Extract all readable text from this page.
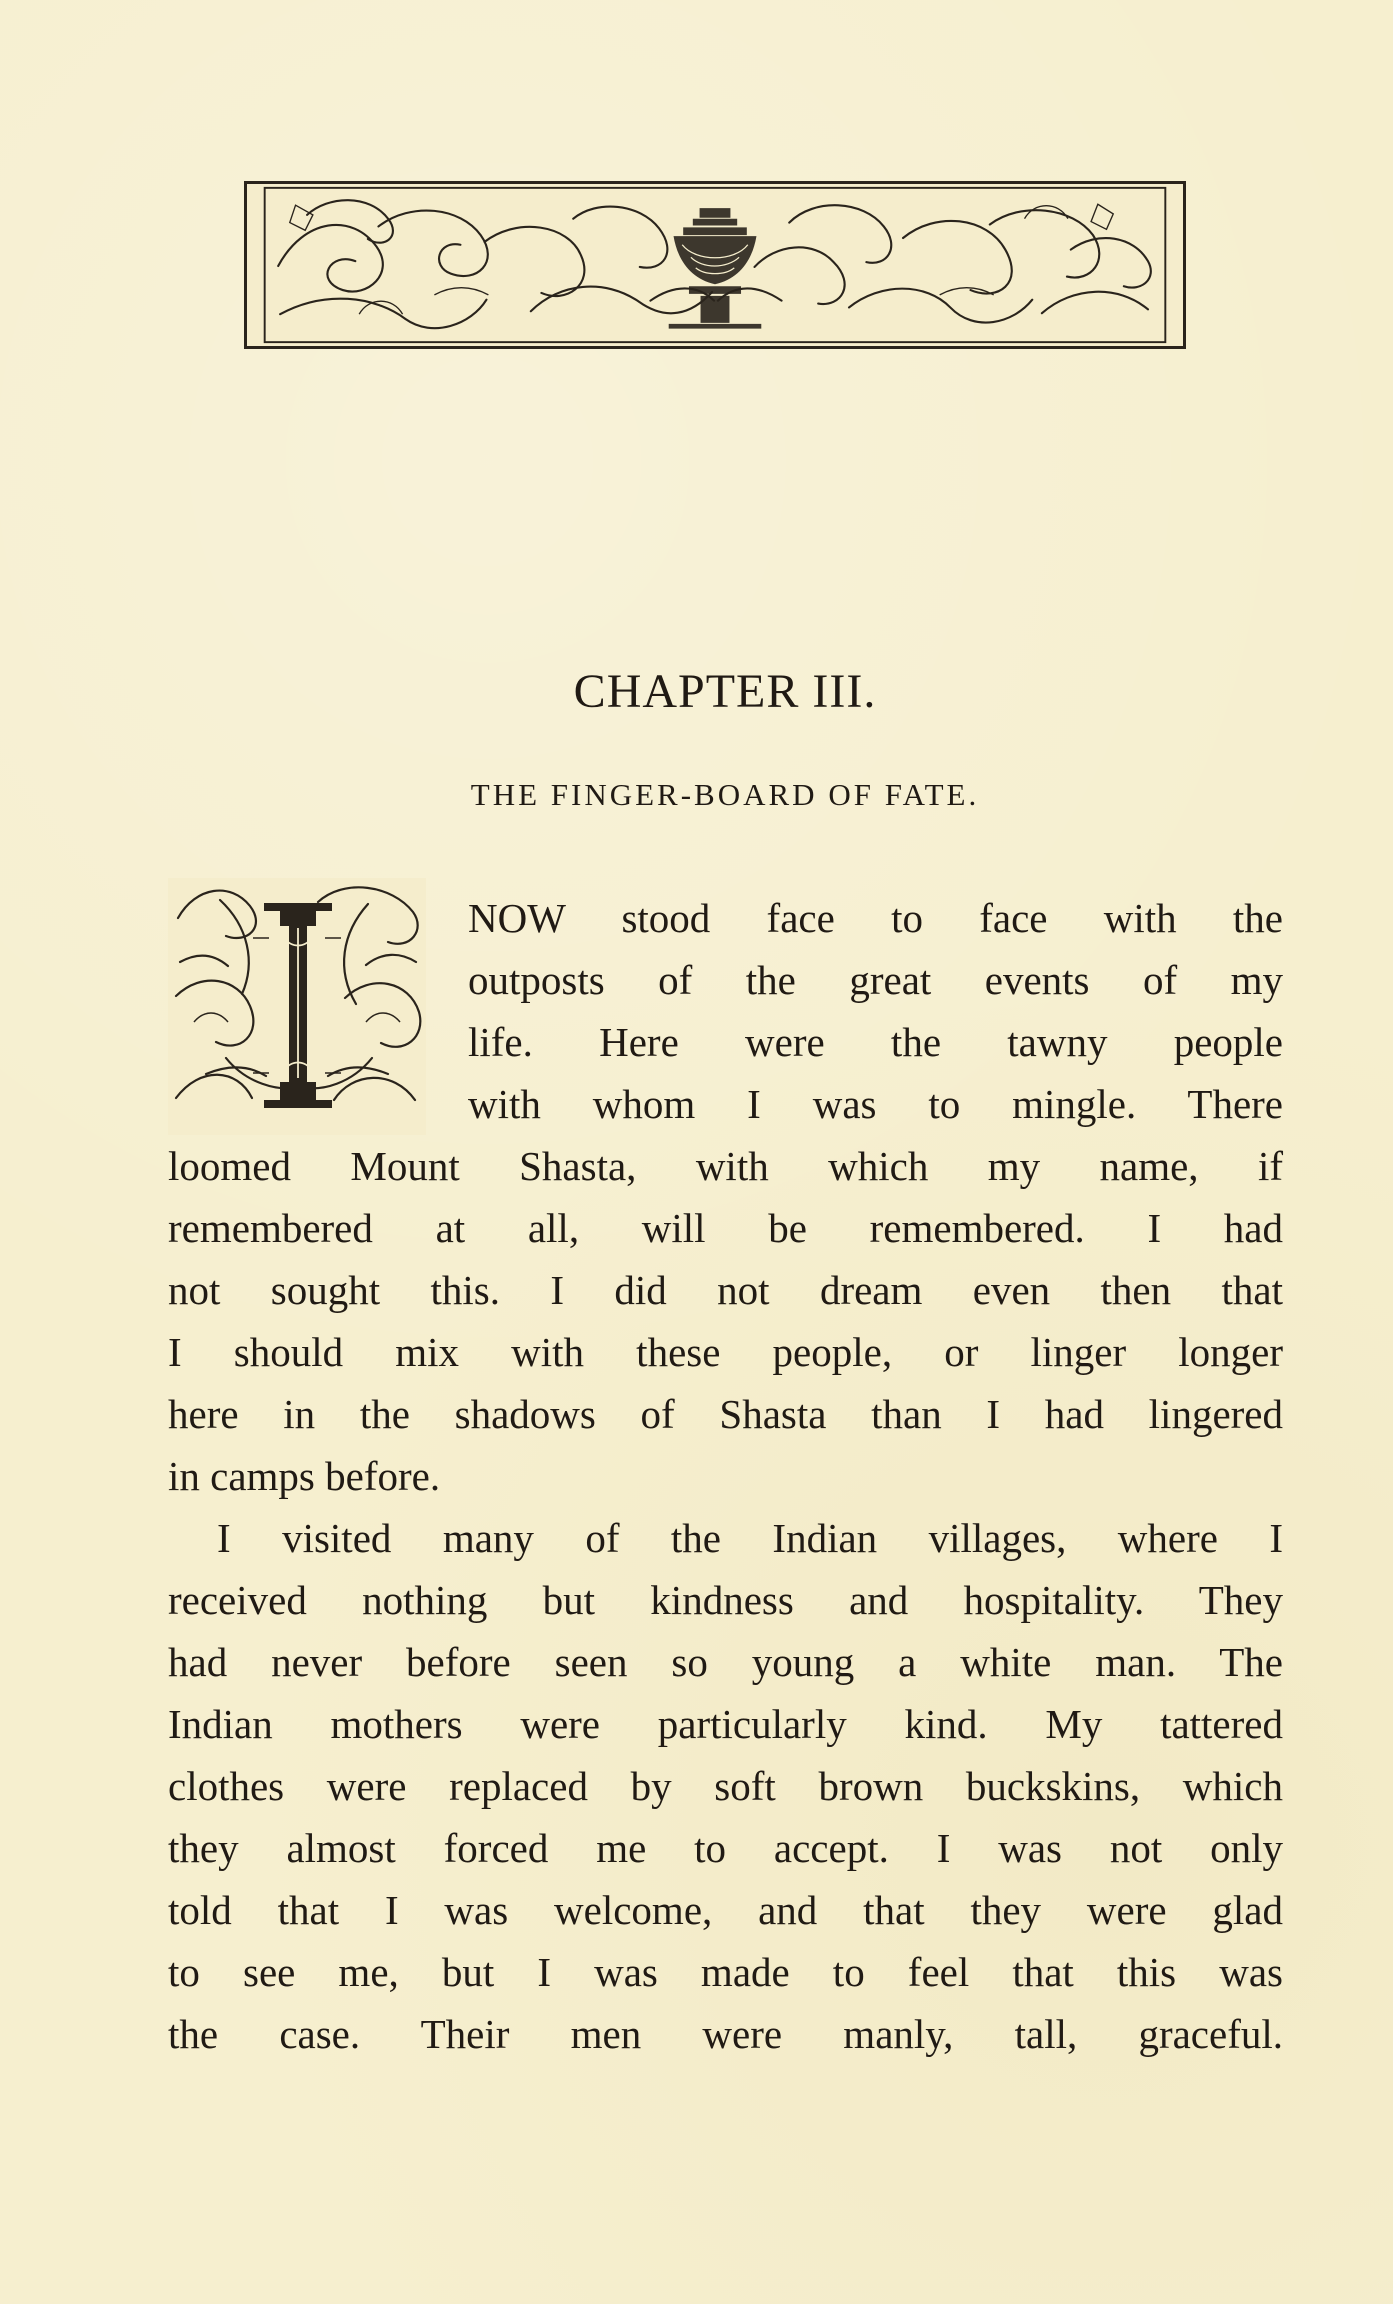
CHAPTER III.
THE FINGER-BOARD OF FATE.
NOW stood face to face with the
outposts of the great events of my
life. Here were the tawny people
with whom I was to mingle. There
loomed Mount Shasta, with which my name, if
remembered at all, will be remembered. I had
not sought this. I did not dream even then that
I should mix with these people, or linger longer
here in the shadows of Shasta than I had lingered
in camps before.
I visited many of the Indian villages, where I
received nothing but kindness and hospitality. They
had never before seen so young a white man. The
Indian mothers were particularly kind. My tattered
clothes were replaced by soft brown buckskins, which
they almost forced me to accept. I was not only
told that I was welcome, and that they were glad
to see me, but I was made to feel that this was
the case. Their men were manly, tall, graceful.
